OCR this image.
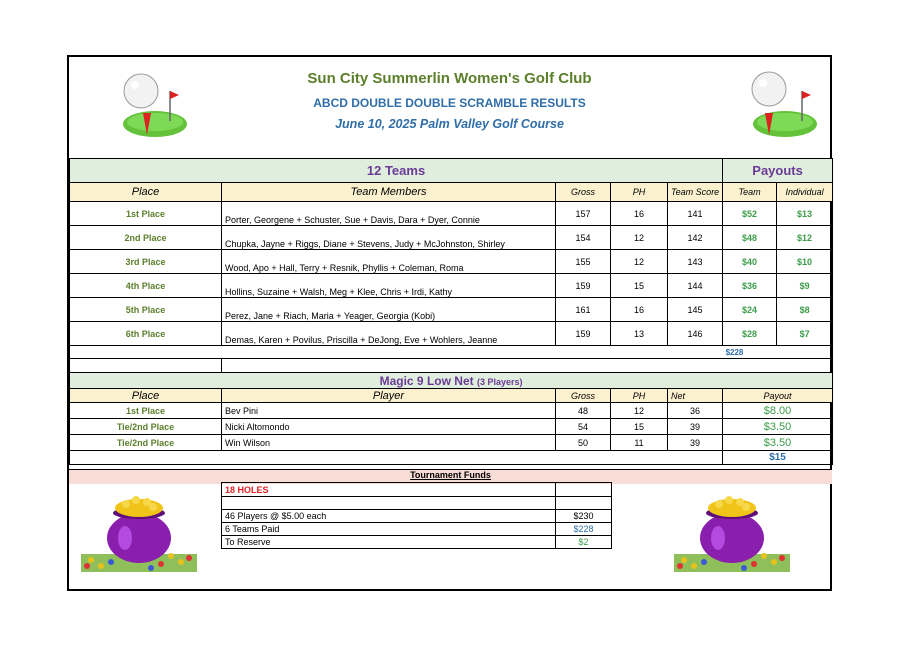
Sun City Summerlin Women's Golf Club
ABCD DOUBLE DOUBLE SCRAMBLE RESULTS
June 10, 2025 Palm Valley Golf Course
12 Teams					Payouts	
Place	Team Members	Gross	PH	Team Score	Team	Individual
1st Place	Porter, Georgene + Schuster, Sue + Davis, Dara + Dyer, Connie	157	16	141	$52	$13
2nd Place	Chupka, Jayne + Riggs, Diane + Stevens, Judy + McJohnston, Shirley	154	12	142	$48	$12
3rd Place	Wood, Apo + Hall, Terry + Resnik, Phyllis + Coleman, Roma	155	12	143	$40	$10
4th Place	Hollins, Suzaine + Walsh, Meg + Klee, Chris + Irdi, Kathy	159	15	144	$36	$9
5th Place	Perez, Jane + Riach, Maria + Yeager, Georgia (Kobi)	161	16	145	$24	$8
6th Place	Demas, Karen + Povilus, Priscilla + DeJong, Eve + Wohlers, Jeanne	159	13	146	$28	$7
					$228	

Magic 9 Low Net (3 Players)					
Place	Player	Gross	PH	Net	Payout
1st Place	Bev Pini	48	12	36	$8.00
Tie/2nd Place	Nicki Altomondo	54	15	39	$3.50
Tie/2nd Place	Win Wilson	50	11	39	$3.50
					$15
Tournament Funds
18 HOLES	

46 Players @ $5.00 each	$230
6 Teams Paid	$228
To Reserve	$2
